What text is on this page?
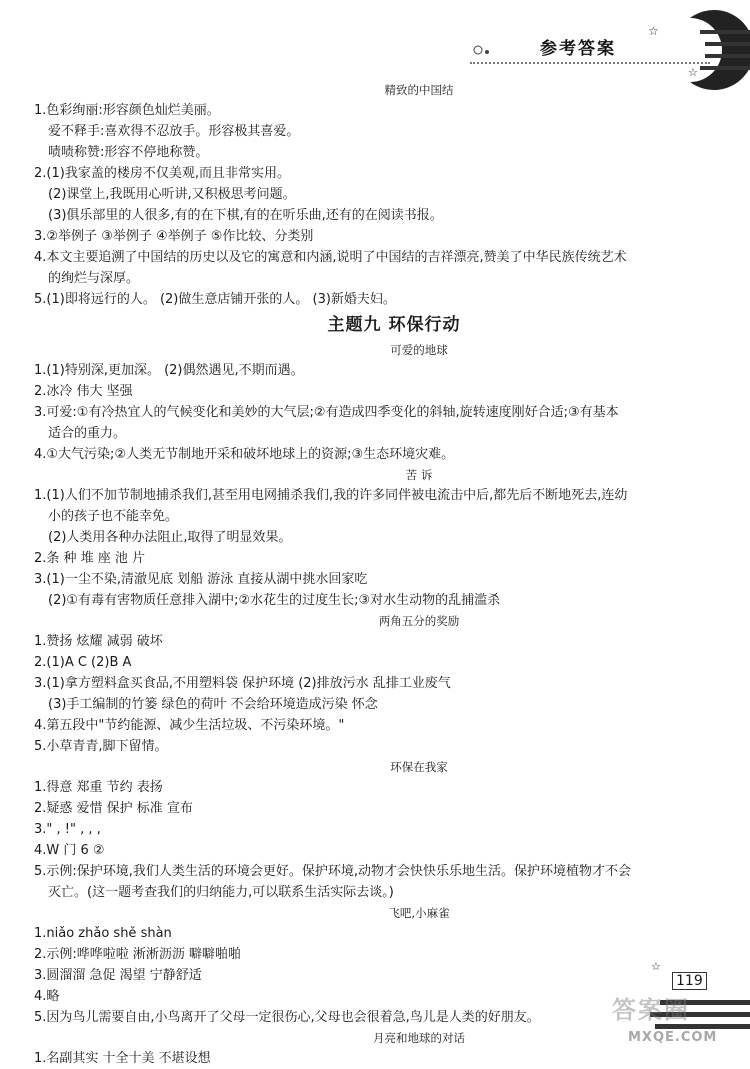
☆
☆
参考答案

精致的中国结

1.色彩绚丽:形容颜色灿烂美丽。

爱不释手:喜欢得不忍放手。形容极其喜爱。

啧啧称赞:形容不停地称赞。

2.(1)我家盖的楼房不仅美观,而且非常实用。

(2)课堂上,我既用心听讲,又积极思考问题。

(3)俱乐部里的人很多,有的在下棋,有的在听乐曲,还有的在阅读书报。

3.②举例子 ③举例子 ④举例子 ⑤作比较、分类别

4.本文主要追溯了中国结的历史以及它的寓意和内涵,说明了中国结的吉祥漂亮,赞美了中华民族传统艺术

的绚烂与深厚。

5.(1)即将远行的人。 (2)做生意店铺开张的人。 (3)新婚夫妇。

主题九 环保行动

可爱的地球

1.(1)特别深,更加深。 (2)偶然遇见,不期而遇。

2.冰冷 伟大 坚强

3.可爱:①有冷热宜人的气候变化和美妙的大气层;②有造成四季变化的斜轴,旋转速度刚好合适;③有基本

适合的重力。

4.①大气污染;②人类无节制地开采和破坏地球上的资源;③生态环境灾难。

苦 诉

1.(1)人们不加节制地捕杀我们,甚至用电网捕杀我们,我的许多同伴被电流击中后,都先后不断地死去,连幼

小的孩子也不能幸免。

(2)人类用各种办法阻止,取得了明显效果。

2.条 种 堆 座 池 片

3.(1)一尘不染,清澈见底 划船 游泳 直接从湖中挑水回家吃

(2)①有毒有害物质任意排入湖中;②水花生的过度生长;③对水生动物的乱捕滥杀

两角五分的奖励

1.赞扬 炫耀 减弱 破坏

2.(1)A C (2)B A

3.(1)拿方塑料盒买食品,不用塑料袋 保护环境 (2)排放污水 乱排工业废气

(3)手工编制的竹篓 绿色的荷叶 不会给环境造成污染 怀念

4.第五段中"节约能源、减少生活垃圾、不污染环境。"

5.小草青青,脚下留情。

环保在我家

1.得意 郑重 节约 表扬

2.疑惑 爱惜 保护 标准 宣布

3." , !" , , ,

4.W 门 6 ②

5.示例:保护环境,我们人类生活的环境会更好。保护环境,动物才会快快乐乐地生活。保护环境植物才不会

灭亡。(这一题考查我们的归纳能力,可以联系生活实际去谈。)

飞吧,小麻雀

1.niǎo zhǎo shě shàn

2.示例:哗哗啦啦 淅淅沥沥 噼噼啪啪

3.圆溜溜 急促 渴望 宁静舒适

4.略

5.因为鸟儿需要自由,小鸟离开了父母一定很伤心,父母也会很着急,鸟儿是人类的好朋友。

月亮和地球的对话

1.名副其实 十全十美 不堪设想

☆
119
答案圈
MXQE.COM
